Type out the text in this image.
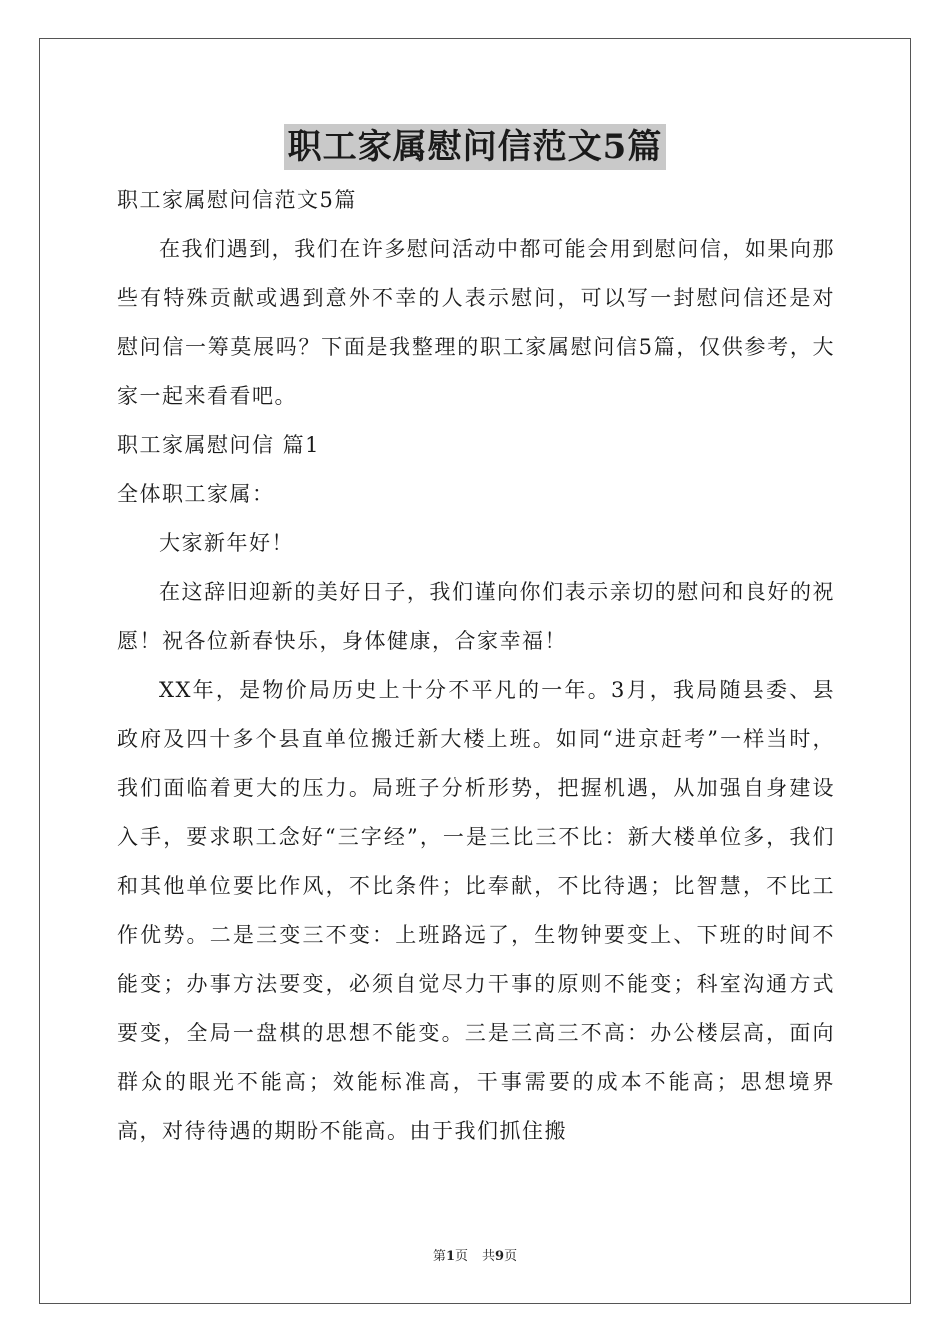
职工家属慰问信范文5篇

职工家属慰问信范文5篇

在我们遇到，我们在许多慰问活动中都可能会用到慰问信，如果向那些有特殊贡献或遇到意外不幸的人表示慰问，可以写一封慰问信还是对慰问信一筹莫展吗？下面是我整理的职工家属慰问信5篇，仅供参考，大家一起来看看吧。

职工家属慰问信 篇1

全体职工家属：

大家新年好！

在这辞旧迎新的美好日子，我们谨向你们表示亲切的慰问和良好的祝愿！祝各位新春快乐，身体健康，合家幸福！

XX年，是物价局历史上十分不平凡的一年。3月，我局随县委、县政府及四十多个县直单位搬迁新大楼上班。如同“进京赶考”一样当时，我们面临着更大的压力。局班子分析形势，把握机遇，从加强自身建设入手，要求职工念好“三字经”，一是三比三不比：新大楼单位多，我们和其他单位要比作风，不比条件；比奉献，不比待遇；比智慧，不比工作优势。二是三变三不变：上班路远了，生物钟要变上、下班的时间不能变；办事方法要变，必须自觉尽力干事的原则不能变；科室沟通方式要变，全局一盘棋的思想不能变。三是三高三不高：办公楼层高，面向群众的眼光不能高；效能标准高，干事需要的成本不能高；思想境界高，对待待遇的期盼不能高。由于我们抓住搬

第1页 共9页
